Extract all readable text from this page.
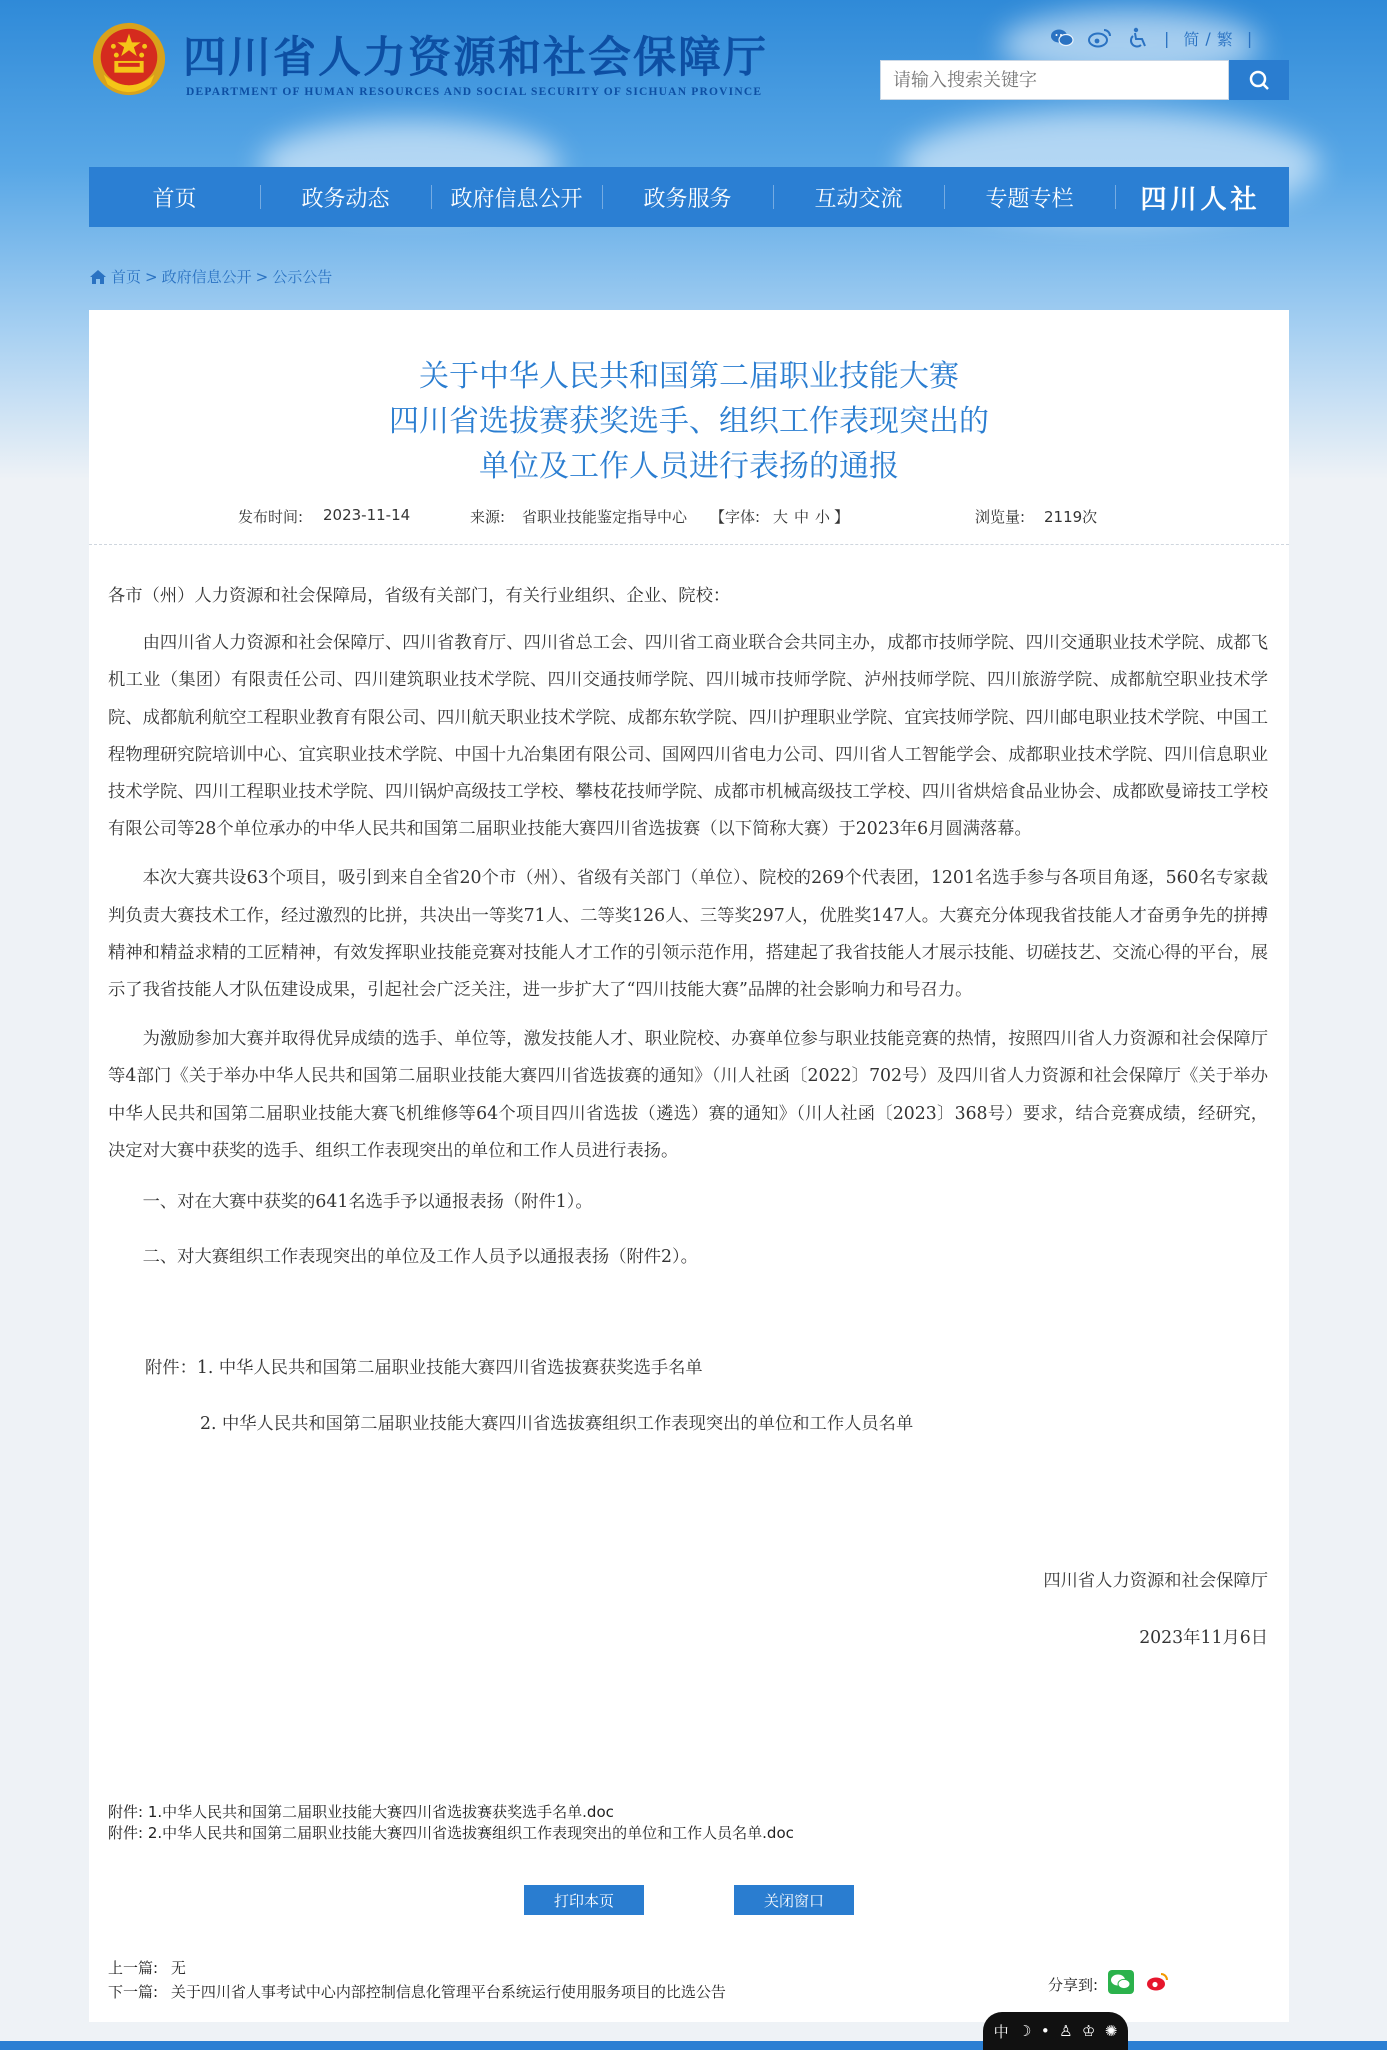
四川省人力资源和社会保障厅
DEPARTMENT OF HUMAN RESOURCES AND SOCIAL SECURITY OF SICHUAN PROVINCE
| 简 / 繁 |
请输入搜索关键字
首页	政务动态	政府信息公开	政务服务	互动交流	专题专栏	四川人社
首页 > 政府信息公开 > 公示公告
关于中华人民共和国第二届职业技能大赛
四川省选拔赛获奖选手、组织工作表现突出的
单位及工作人员进行表扬的通报
发布时间: 2023-11-14	来源: 省职业技能鉴定指导中心 【字体: 大 中 小 】	浏览量: 2119次

各市（州）人力资源和社会保障局，省级有关部门，有关行业组织、企业、院校：

由四川省人力资源和社会保障厅、四川省教育厅、四川省总工会、四川省工商业联合会共同主办，成都市技师学院、四川交通职业技术学院、成都飞机工业（集团）有限责任公司、四川建筑职业技术学院、四川交通技师学院、四川城市技师学院、泸州技师学院、四川旅游学院、成都航空职业技术学院、成都航利航空工程职业教育有限公司、四川航天职业技术学院、成都东软学院、四川护理职业学院、宜宾技师学院、四川邮电职业技术学院、中国工程物理研究院培训中心、宜宾职业技术学院、中国十九冶集团有限公司、国网四川省电力公司、四川省人工智能学会、成都职业技术学院、四川信息职业技术学院、四川工程职业技术学院、四川锅炉高级技工学校、攀枝花技师学院、成都市机械高级技工学校、四川省烘焙食品业协会、成都欧曼谛技工学校有限公司等28个单位承办的中华人民共和国第二届职业技能大赛四川省选拔赛（以下简称大赛）于2023年6月圆满落幕。

本次大赛共设63个项目，吸引到来自全省20个市（州）、省级有关部门（单位）、院校的269个代表团，1201名选手参与各项目角逐，560名专家裁判负责大赛技术工作，经过激烈的比拼，共决出一等奖71人、二等奖126人、三等奖297人，优胜奖147人。大赛充分体现我省技能人才奋勇争先的拼搏精神和精益求精的工匠精神，有效发挥职业技能竞赛对技能人才工作的引领示范作用，搭建起了我省技能人才展示技能、切磋技艺、交流心得的平台，展示了我省技能人才队伍建设成果，引起社会广泛关注，进一步扩大了“四川技能大赛”品牌的社会影响力和号召力。

为激励参加大赛并取得优异成绩的选手、单位等，激发技能人才、职业院校、办赛单位参与职业技能竞赛的热情，按照四川省人力资源和社会保障厅等4部门《关于举办中华人民共和国第二届职业技能大赛四川省选拔赛的通知》（川人社函〔2022〕702号）及四川省人力资源和社会保障厅《关于举办中华人民共和国第二届职业技能大赛飞机维修等64个项目四川省选拔（遴选）赛的通知》（川人社函〔2023〕368号）要求，结合竞赛成绩，经研究，决定对大赛中获奖的选手、组织工作表现突出的单位和工作人员进行表扬。

一、对在大赛中获奖的641名选手予以通报表扬（附件1）。

二、对大赛组织工作表现突出的单位及工作人员予以通报表扬（附件2）。

附件：1. 中华人民共和国第二届职业技能大赛四川省选拔赛获奖选手名单

2. 中华人民共和国第二届职业技能大赛四川省选拔赛组织工作表现突出的单位和工作人员名单

四川省人力资源和社会保障厅

2023年11月6日

附件: 1.中华人民共和国第二届职业技能大赛四川省选拔赛获奖选手名单.doc
附件: 2.中华人民共和国第二届职业技能大赛四川省选拔赛组织工作表现突出的单位和工作人员名单.doc
打印本页	关闭窗口
上一篇: 无
下一篇: 关于四川省人事考试中心内部控制信息化管理平台系统运行使用服务项目的比选公告	分享到:
中 ☽ • ♙ ♔ ✺
